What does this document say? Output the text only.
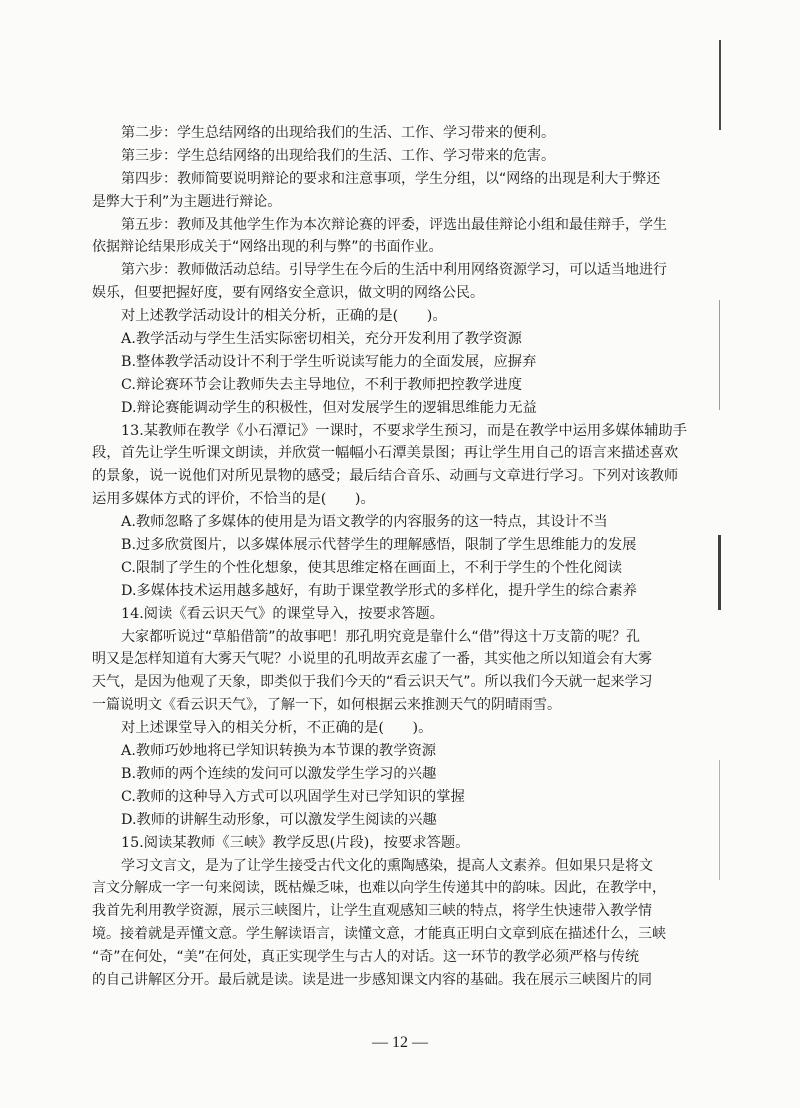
第二步：学生总结网络的出现给我们的生活、工作、学习带来的便利。
第三步：学生总结网络的出现给我们的生活、工作、学习带来的危害。
第四步：教师简要说明辩论的要求和注意事项，学生分组，以“网络的出现是利大于弊还
是弊大于利”为主题进行辩论。
第五步：教师及其他学生作为本次辩论赛的评委，评选出最佳辩论小组和最佳辩手，学生
依据辩论结果形成关于“网络出现的利与弊”的书面作业。
第六步：教师做活动总结。引导学生在今后的生活中利用网络资源学习，可以适当地进行
娱乐，但要把握好度，要有网络安全意识，做文明的网络公民。
对上述教学活动设计的相关分析，正确的是(　　)。
A.教学活动与学生生活实际密切相关，充分开发利用了教学资源
B.整体教学活动设计不利于学生听说读写能力的全面发展，应摒弃
C.辩论赛环节会让教师失去主导地位，不利于教师把控教学进度
D.辩论赛能调动学生的积极性，但对发展学生的逻辑思维能力无益
13.某教师在教学《小石潭记》一课时，不要求学生预习，而是在教学中运用多媒体辅助手
段，首先让学生听课文朗读，并欣赏一幅幅小石潭美景图；再让学生用自己的语言来描述喜欢
的景象，说一说他们对所见景物的感受；最后结合音乐、动画与文章进行学习。下列对该教师
运用多媒体方式的评价，不恰当的是(　　)。
A.教师忽略了多媒体的使用是为语文教学的内容服务的这一特点，其设计不当
B.过多欣赏图片，以多媒体展示代替学生的理解感悟，限制了学生思维能力的发展
C.限制了学生的个性化想象，使其思维定格在画面上，不利于学生的个性化阅读
D.多媒体技术运用越多越好，有助于课堂教学形式的多样化，提升学生的综合素养
14.阅读《看云识天气》的课堂导入，按要求答题。
大家都听说过“草船借箭”的故事吧！那孔明究竟是靠什么“借”得这十万支箭的呢？孔
明又是怎样知道有大雾天气呢？小说里的孔明故弄玄虚了一番，其实他之所以知道会有大雾
天气，是因为他观了天象，即类似于我们今天的“看云识天气”。所以我们今天就一起来学习
一篇说明文《看云识天气》，了解一下，如何根据云来推测天气的阴晴雨雪。
对上述课堂导入的相关分析，不正确的是(　　)。
A.教师巧妙地将已学知识转换为本节课的教学资源
B.教师的两个连续的发问可以激发学生学习的兴趣
C.教师的这种导入方式可以巩固学生对已学知识的掌握
D.教师的讲解生动形象，可以激发学生阅读的兴趣
15.阅读某教师《三峡》教学反思(片段)，按要求答题。
学习文言文，是为了让学生接受古代文化的熏陶感染，提高人文素养。但如果只是将文
言文分解成一字一句来阅读，既枯燥乏味，也难以向学生传递其中的韵味。因此，在教学中，
我首先利用教学资源，展示三峡图片，让学生直观感知三峡的特点，将学生快速带入教学情
境。接着就是弄懂文意。学生解读语言，读懂文意，才能真正明白文章到底在描述什么，三峡
“奇”在何处，“美”在何处，真正实现学生与古人的对话。这一环节的教学必须严格与传统
的自己讲解区分开。最后就是读。读是进一步感知课文内容的基础。我在展示三峡图片的同
— 12 —
